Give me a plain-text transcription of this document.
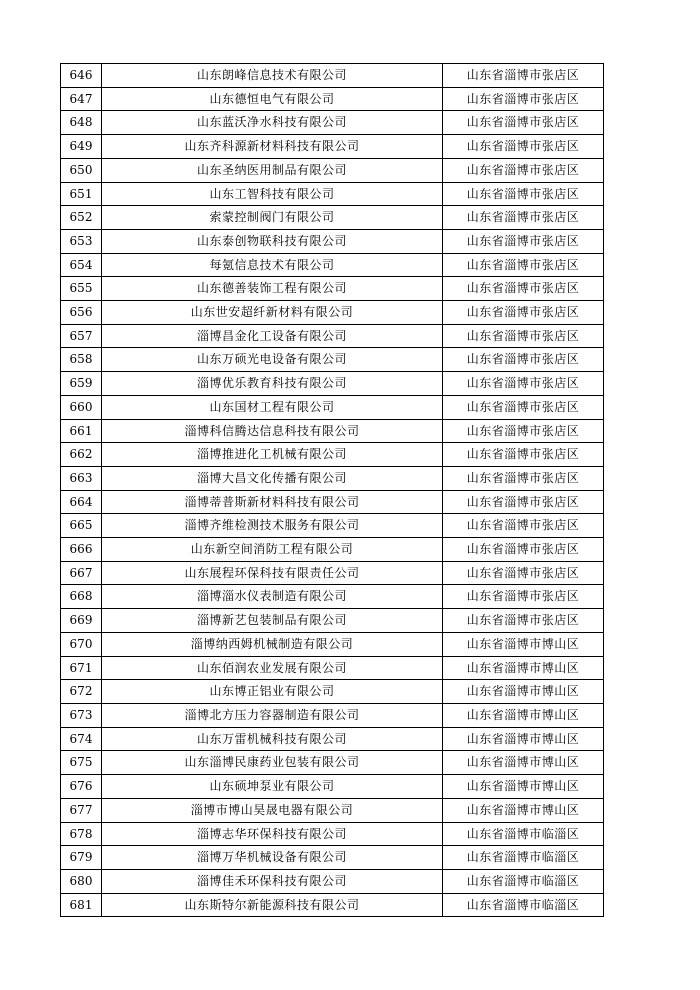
646	山东朗峰信息技术有限公司	山东省淄博市张店区
647	山东德恒电气有限公司	山东省淄博市张店区
648	山东蓝沃净水科技有限公司	山东省淄博市张店区
649	山东齐科源新材料科技有限公司	山东省淄博市张店区
650	山东圣纳医用制品有限公司	山东省淄博市张店区
651	山东工智科技有限公司	山东省淄博市张店区
652	索蒙控制阀门有限公司	山东省淄博市张店区
653	山东泰创物联科技有限公司	山东省淄博市张店区
654	每氪信息技术有限公司	山东省淄博市张店区
655	山东德善装饰工程有限公司	山东省淄博市张店区
656	山东世安超纤新材料有限公司	山东省淄博市张店区
657	淄博昌金化工设备有限公司	山东省淄博市张店区
658	山东万硕光电设备有限公司	山东省淄博市张店区
659	淄博优乐教育科技有限公司	山东省淄博市张店区
660	山东国材工程有限公司	山东省淄博市张店区
661	淄博科信腾达信息科技有限公司	山东省淄博市张店区
662	淄博推进化工机械有限公司	山东省淄博市张店区
663	淄博大昌文化传播有限公司	山东省淄博市张店区
664	淄博蒂普斯新材料科技有限公司	山东省淄博市张店区
665	淄博齐维检测技术服务有限公司	山东省淄博市张店区
666	山东新空间消防工程有限公司	山东省淄博市张店区
667	山东展程环保科技有限责任公司	山东省淄博市张店区
668	淄博淄水仪表制造有限公司	山东省淄博市张店区
669	淄博新艺包装制品有限公司	山东省淄博市张店区
670	淄博纳西姆机械制造有限公司	山东省淄博市博山区
671	山东佰润农业发展有限公司	山东省淄博市博山区
672	山东博正铝业有限公司	山东省淄博市博山区
673	淄博北方压力容器制造有限公司	山东省淄博市博山区
674	山东万雷机械科技有限公司	山东省淄博市博山区
675	山东淄博民康药业包装有限公司	山东省淄博市博山区
676	山东硕坤泵业有限公司	山东省淄博市博山区
677	淄博市博山昊晟电器有限公司	山东省淄博市博山区
678	淄博志华环保科技有限公司	山东省淄博市临淄区
679	淄博万华机械设备有限公司	山东省淄博市临淄区
680	淄博佳禾环保科技有限公司	山东省淄博市临淄区
681	山东斯特尔新能源科技有限公司	山东省淄博市临淄区
